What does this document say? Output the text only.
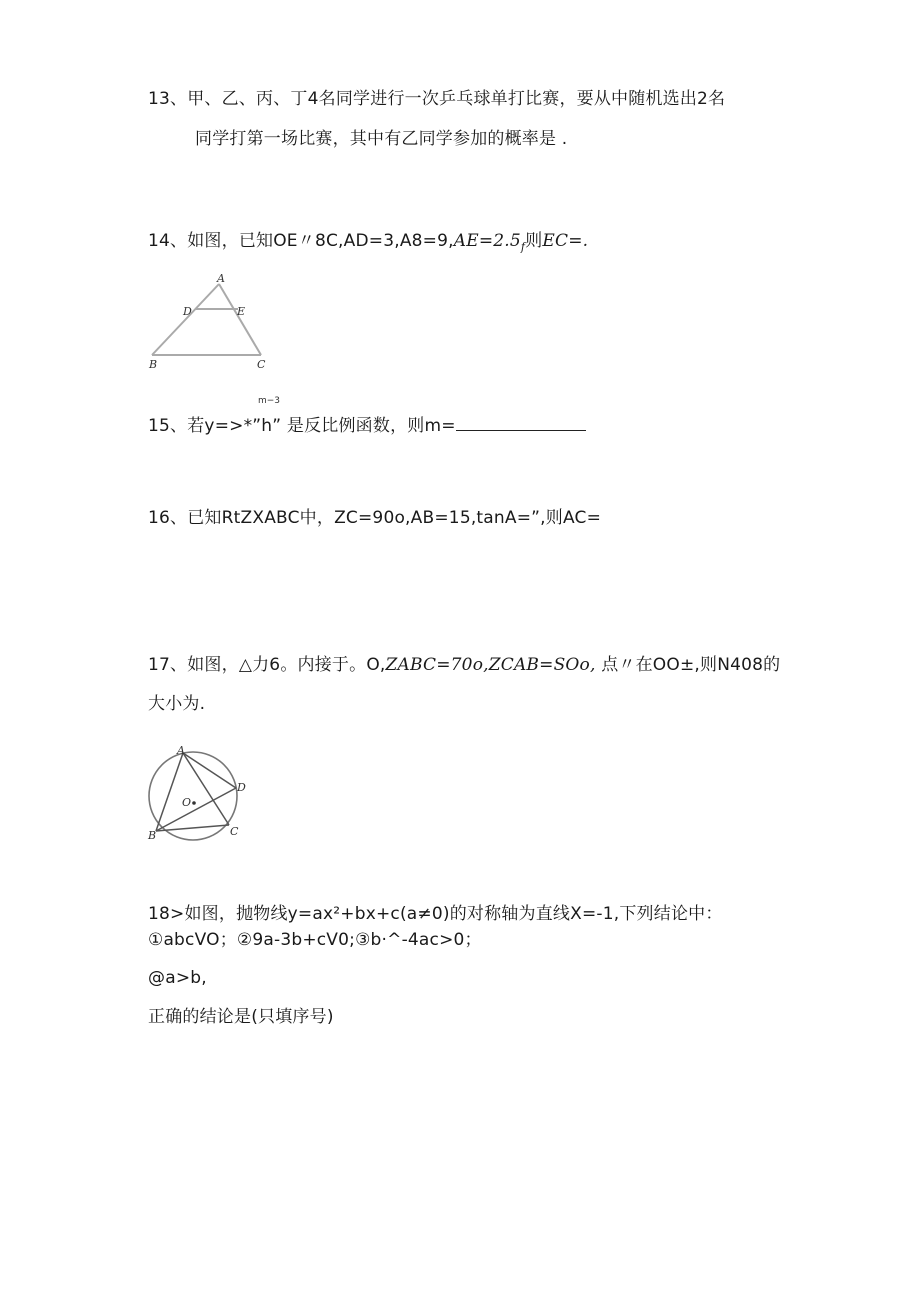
13、甲、乙、丙、丁4名同学进行一次乒乓球单打比赛，要从中随机选出2名
同学打第一场比赛，其中有乙同学参加的概率是 .
14、如图，已知OE〃$8C,AD=3,A8=9,AE=2.5_f$则EC=.
A
D	E
B	C
m−3
15、若y=>*”h” 是反比例函数，则m=
16、已知RtZXABC中，ZC=90o,AB=15,tanA=”,则AC=
17、如图，△力6。内接于。O,ZABC=70o,ZCAB=SOo, 点〃在OO±,则N408的
大小为.
A
D
O
B	C
18>如图，抛物线y=ax²+bx+c(a≠0)的对称轴为直线X=-1,下列结论中：
①abcVO；②9a-3b+cV0;③b·^-4ac>0；
@a>b,
正确的结论是(只填序号)
